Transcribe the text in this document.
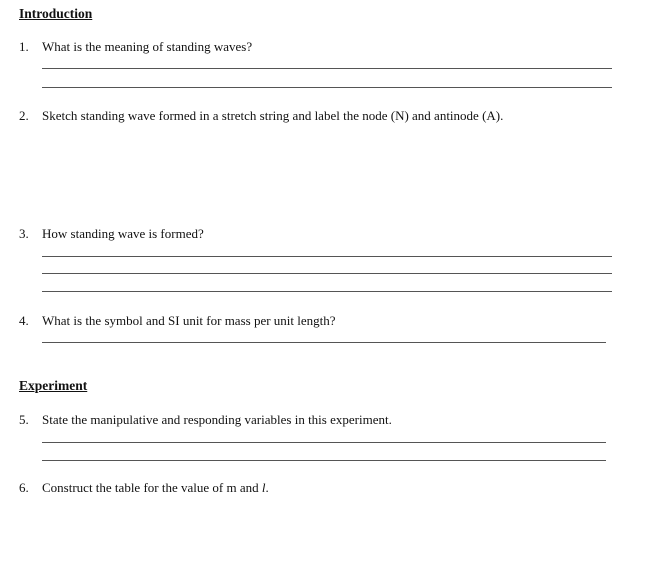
Introduction
1. What is the meaning of standing waves?
2. Sketch standing wave formed in a stretch string and label the node (N) and antinode (A).
3. How standing wave is formed?
4. What is the symbol and SI unit for mass per unit length?
Experiment
5. State the manipulative and responding variables in this experiment.
6. Construct the table for the value of m and l.
